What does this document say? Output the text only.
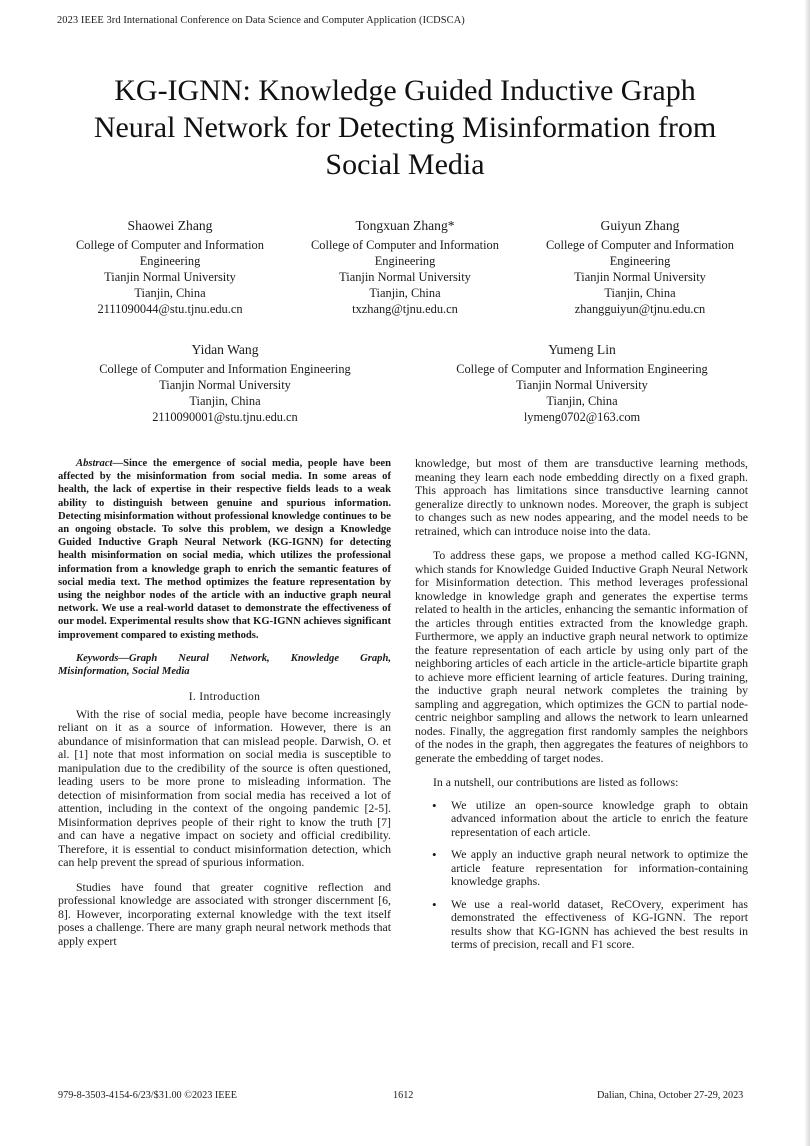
2023 IEEE 3rd International Conference on Data Science and Computer Application (ICDSCA)
KG-IGNN: Knowledge Guided Inductive Graph
Neural Network for Detecting Misinformation from
Social Media
Shaowei Zhang
College of Computer and Information
Engineering
Tianjin Normal University
Tianjin, China
2111090044@stu.tjnu.edu.cn
Tongxuan Zhang*
College of Computer and Information
Engineering
Tianjin Normal University
Tianjin, China
txzhang@tjnu.edu.cn
Guiyun Zhang
College of Computer and Information
Engineering
Tianjin Normal University
Tianjin, China
zhangguiyun@tjnu.edu.cn
Yidan Wang
College of Computer and Information Engineering
Tianjin Normal University
Tianjin, China
2110090001@stu.tjnu.edu.cn
Yumeng Lin
College of Computer and Information Engineering
Tianjin Normal University
Tianjin, China
lymeng0702@163.com

Abstract—Since the emergence of social media, people have been affected by the misinformation from social media. In some areas of health, the lack of expertise in their respective fields leads to a weak ability to distinguish between genuine and spurious information. Detecting misinformation without professional knowledge continues to be an ongoing obstacle. To solve this problem, we design a Knowledge Guided Inductive Graph Neural Network (KG-IGNN) for detecting health misinformation on social media, which utilizes the professional information from a knowledge graph to enrich the semantic features of social media text. The method optimizes the feature representation by using the neighbor nodes of the article with an inductive graph neural network. We use a real-world dataset to demonstrate the effectiveness of our model. Experimental results show that KG-IGNN achieves significant improvement compared to existing methods.

Keywords—Graph Neural Network, Knowledge Graph, Misinformation, Social Media

I. Introduction

With the rise of social media, people have become increasingly reliant on it as a source of information. However, there is an abundance of misinformation that can mislead people. Darwish, O. et al. [1] note that most information on social media is susceptible to manipulation due to the credibility of the source is often questioned, leading users to be more prone to misleading information. The detection of misinformation from social media has received a lot of attention, including in the context of the ongoing pandemic [2-5]. Misinformation deprives people of their right to know the truth [7] and can have a negative impact on society and official credibility. Therefore, it is essential to conduct misinformation detection, which can help prevent the spread of spurious information.

Studies have found that greater cognitive reflection and professional knowledge are associated with stronger discernment [6, 8]. However, incorporating external knowledge with the text itself poses a challenge. There are many graph neural network methods that apply expert

knowledge, but most of them are transductive learning methods, meaning they learn each node embedding directly on a fixed graph. This approach has limitations since transductive learning cannot generalize directly to unknown nodes. Moreover, the graph is subject to changes such as new nodes appearing, and the model needs to be retrained, which can introduce noise into the data.

To address these gaps, we propose a method called KG-IGNN, which stands for Knowledge Guided Inductive Graph Neural Network for Misinformation detection. This method leverages professional knowledge in knowledge graph and generates the expertise terms related to health in the articles, enhancing the semantic information of the articles through entities extracted from the knowledge graph. Furthermore, we apply an inductive graph neural network to optimize the feature representation of each article by using only part of the neighboring articles of each article in the article-article bipartite graph to achieve more efficient learning of article features. During training, the inductive graph neural network completes the training by sampling and aggregation, which optimizes the GCN to partial node-centric neighbor sampling and allows the network to learn unlearned nodes. Finally, the aggregation first randomly samples the neighbors of the nodes in the graph, then aggregates the features of neighbors to generate the embedding of target nodes.

In a nutshell, our contributions are listed as follows:

• We utilize an open-source knowledge graph to obtain advanced information about the article to enrich the feature representation of each article.
• We apply an inductive graph neural network to optimize the article feature representation for information-containing knowledge graphs.
• We use a real-world dataset, ReCOvery, experiment has demonstrated the effectiveness of KG-IGNN. The report results show that KG-IGNN has achieved the best results in terms of precision, recall and F1 score.
979-8-3503-4154-6/23/$31.00 ©2023 IEEE	1612	Dalian, China, October 27-29, 2023
